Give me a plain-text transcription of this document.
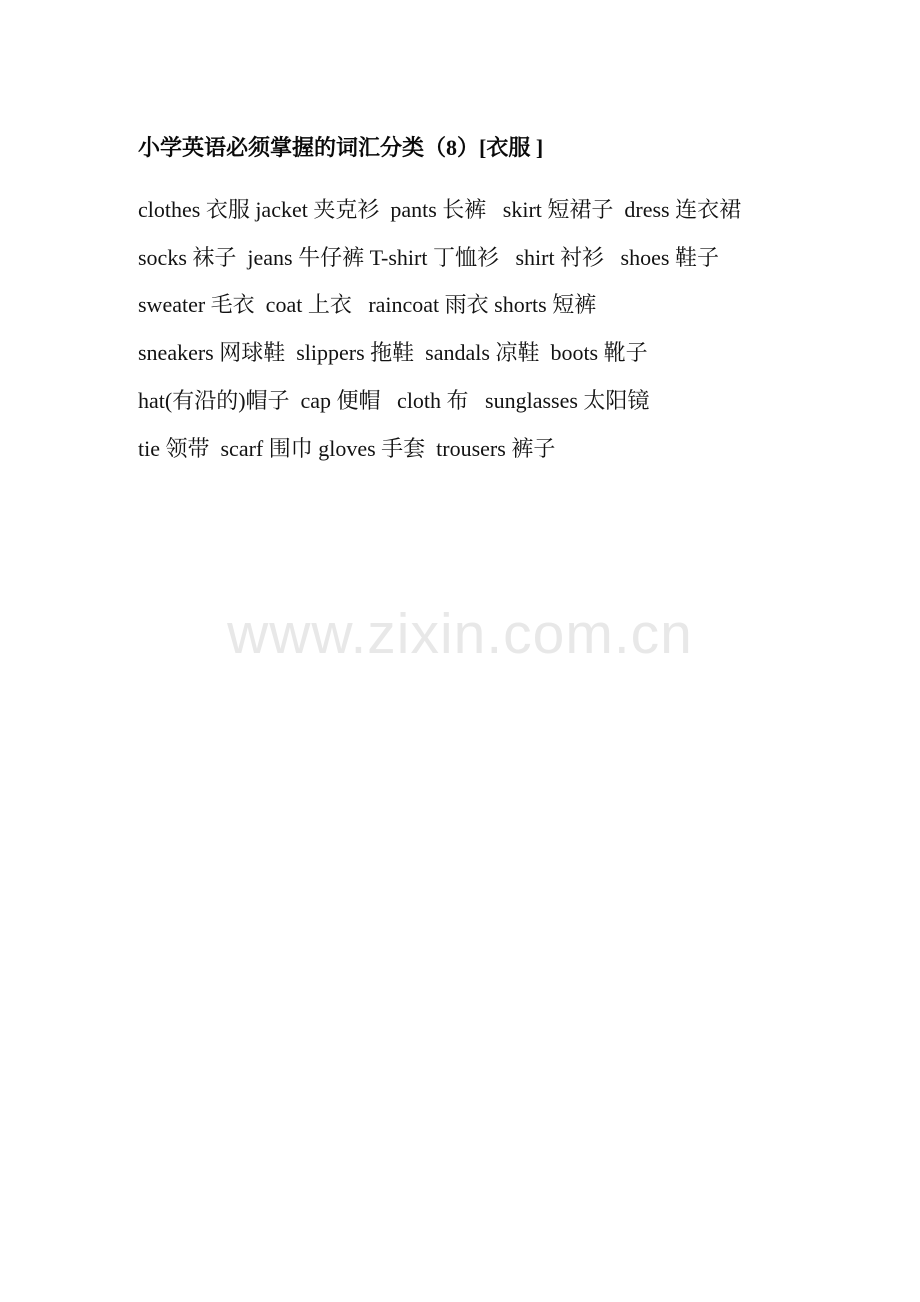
小学英语必须掌握的词汇分类（8）[衣服 ]

clothes 衣服 jacket 夹克衫  pants 长裤   skirt 短裙子  dress 连衣裙

socks 袜子  jeans 牛仔裤 T-shirt 丁恤衫   shirt 衬衫   shoes 鞋子

sweater 毛衣  coat 上衣   raincoat 雨衣 shorts 短裤

sneakers 网球鞋  slippers 拖鞋  sandals 凉鞋  boots 靴子

hat(有沿的)帽子  cap 便帽   cloth 布   sunglasses 太阳镜

tie 领带  scarf 围巾 gloves 手套  trousers 裤子

www.zixin.com.cn
